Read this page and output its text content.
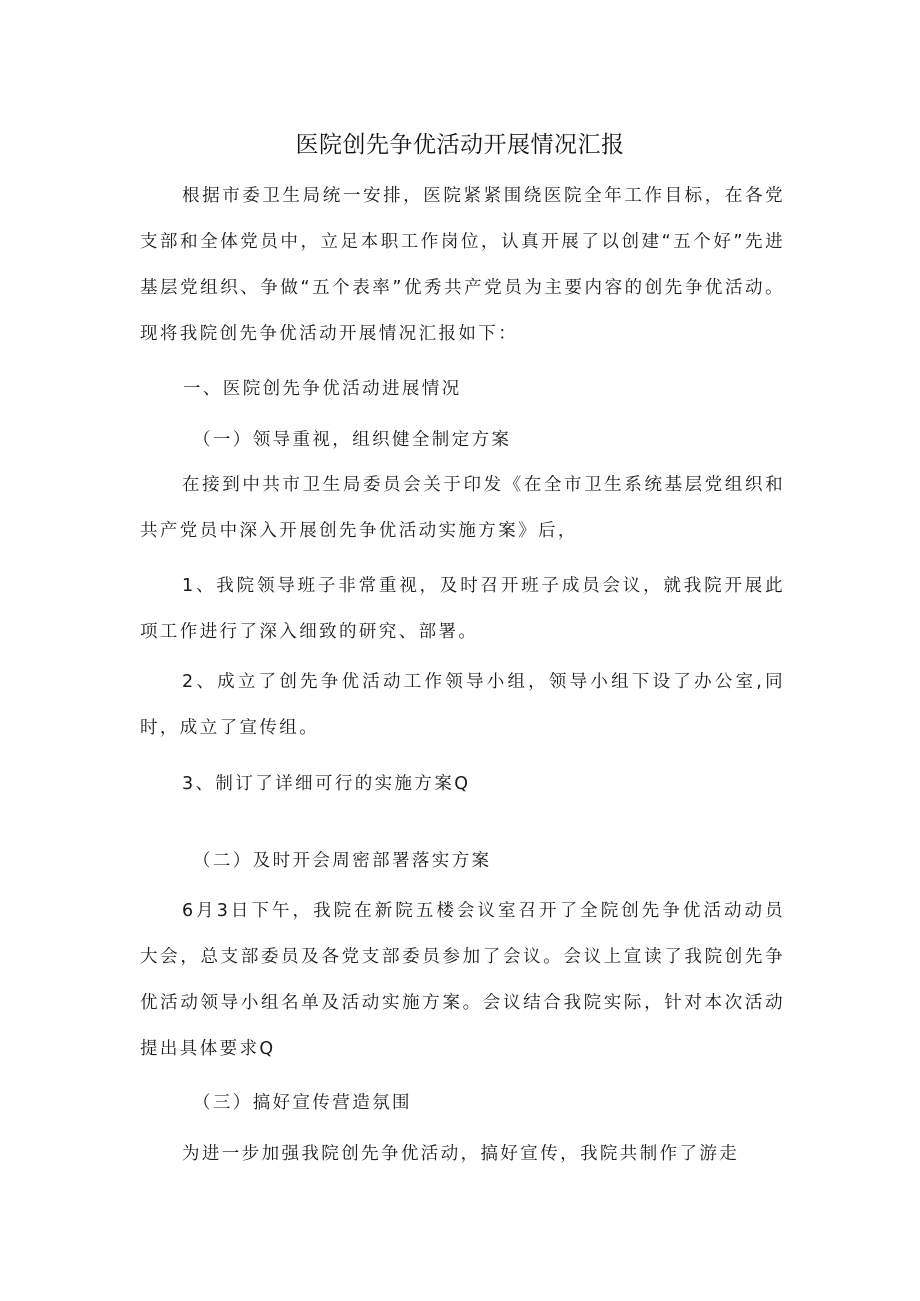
医院创先争优活动开展情况汇报

根据市委卫生局统一安排，医院紧紧围绕医院全年工作目标，在各党支部和全体党员中，立足本职工作岗位，认真开展了以创建“五个好”先进基层党组织、争做“五个表率”优秀共产党员为主要内容的创先争优活动。现将我院创先争优活动开展情况汇报如下：

一、医院创先争优活动进展情况

（一）领导重视，组织健全制定方案

在接到中共市卫生局委员会关于印发《在全市卫生系统基层党组织和共产党员中深入开展创先争优活动实施方案》后，

1、我院领导班子非常重视，及时召开班子成员会议，就我院开展此项工作进行了深入细致的研究、部署。

2、成立了创先争优活动工作领导小组，领导小组下设了办公室,同时，成立了宣传组。

3、制订了详细可行的实施方案Q

（二）及时开会周密部署落实方案

6月3日下午，我院在新院五楼会议室召开了全院创先争优活动动员大会，总支部委员及各党支部委员参加了会议。会议上宣读了我院创先争优活动领导小组名单及活动实施方案。会议结合我院实际，针对本次活动提出具体要求Q

（三）搞好宣传营造氛围

为进一步加强我院创先争优活动，搞好宣传，我院共制作了游走
